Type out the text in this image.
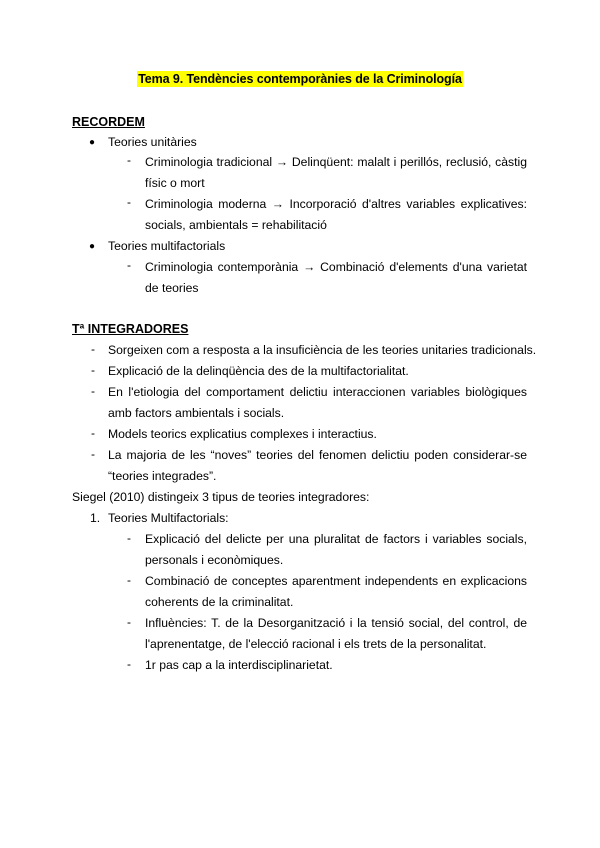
Tema 9. Tendències contemporànies de la Criminología
RECORDEM
● Teories unitàries
- Criminologia tradicional → Delinqüent: malalt i perillós, reclusió, càstig físic o mort
- Criminologia moderna → Incorporació d'altres variables explicatives: socials, ambientals = rehabilitació
● Teories multifactorials
- Criminologia contemporània → Combinació d'elements d'una varietat de teories
Tª INTEGRADORES
- Sorgeixen com a resposta a la insuficiència de les teories unitaries tradicionals.
- Explicació de la delinqüència des de la multifactorialitat.
- En l'etiologia del comportament delictiu interaccionen variables biològiques amb factors ambientals i socials.
- Models teorics explicatius complexes i interactius.
- La majoria de les “noves” teories del fenomen delictiu poden considerar-se “teories integrades”.
Siegel (2010) distingeix 3 tipus de teories integradores:
1. Teories Multifactorials:
- Explicació del delicte per una pluralitat de factors i variables socials, personals i econòmiques.
- Combinació de conceptes aparentment independents en explicacions coherents de la criminalitat.
- Influències: T. de la Desorganització i la tensió social, del control, de l'aprenentatge, de l'elecció racional i els trets de la personalitat.
- 1r pas cap a la interdisciplinarietat.
